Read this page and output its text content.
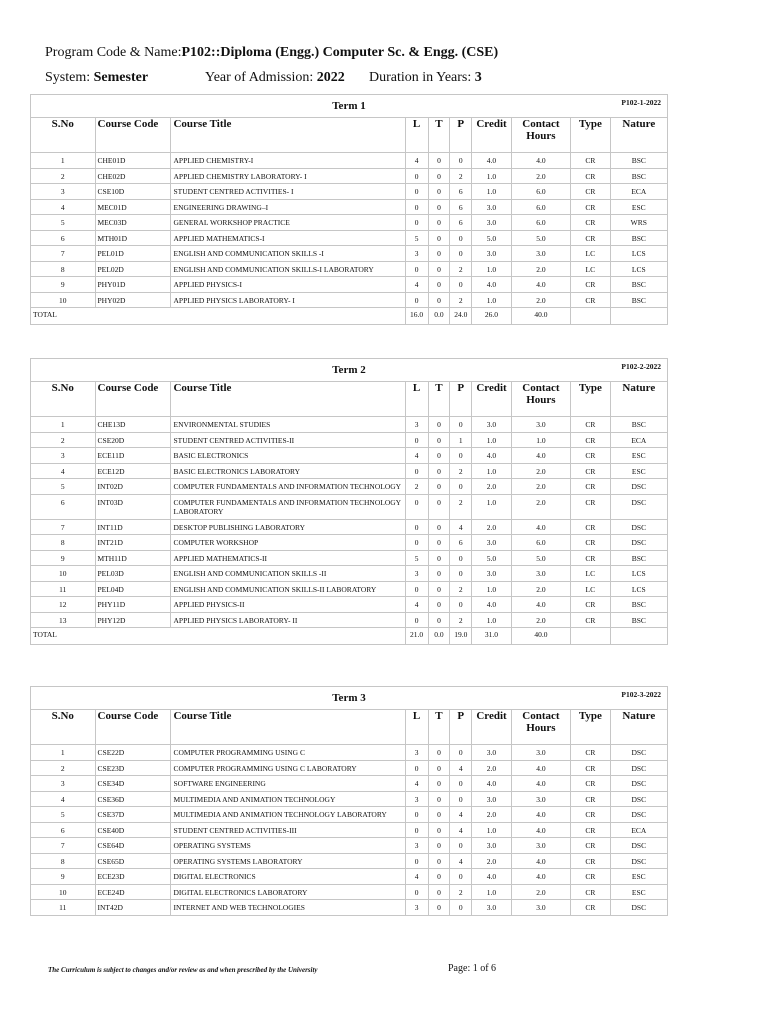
Program Code & Name:P102::Diploma (Engg.) Computer Sc. & Engg. (CSE)
System: Semester	Year of Admission: 2022 Duration in Years: 3
Term 1 P102-1-2022									

S.No	Course Code	Course Title	L	T	P	Credit	Contact Hours	Type	Nature
1	CHE01D	APPLIED CHEMISTRY-I	4	0	0	4.0	4.0	CR	BSC
2	CHE02D	APPLIED CHEMISTRY LABORATORY- I	0	0	2	1.0	2.0	CR	BSC
3	CSE10D	STUDENT CENTRED ACTIVITIES- I	0	0	6	1.0	6.0	CR	ECA
4	MEC01D	ENGINEERING DRAWING–I	0	0	6	3.0	6.0	CR	ESC
5	MEC03D	GENERAL WORKSHOP PRACTICE	0	0	6	3.0	6.0	CR	WRS
6	MTH01D	APPLIED MATHEMATICS-I	5	0	0	5.0	5.0	CR	BSC
7	PEL01D	ENGLISH AND COMMUNICATION SKILLS -I	3	0	0	3.0	3.0	LC	LCS
8	PEL02D	ENGLISH AND COMMUNICATION SKILLS-I LABORATORY	0	0	2	1.0	2.0	LC	LCS
9	PHY01D	APPLIED PHYSICS-I	4	0	0	4.0	4.0	CR	BSC
10	PHY02D	APPLIED PHYSICS LABORATORY- I	0	0	2	1.0	2.0	CR	BSC
TOTAL			16.0	0.0	24.0	26.0	40.0		
Term 2 P102-2-2022									

S.No	Course Code	Course Title	L	T	P	Credit	Contact Hours	Type	Nature
1	CHE13D	ENVIRONMENTAL STUDIES	3	0	0	3.0	3.0	CR	BSC
2	CSE20D	STUDENT CENTRED ACTIVITIES-II	0	0	1	1.0	1.0	CR	ECA
3	ECE11D	BASIC ELECTRONICS	4	0	0	4.0	4.0	CR	ESC
4	ECE12D	BASIC ELECTRONICS LABORATORY	0	0	2	1.0	2.0	CR	ESC
5	INT02D	COMPUTER FUNDAMENTALS AND INFORMATION TECHNOLOGY	2	0	0	2.0	2.0	CR	DSC
6	INT03D	COMPUTER FUNDAMENTALS AND INFORMATION TECHNOLOGY LABORATORY	0	0	2	1.0	2.0	CR	DSC
7	INT11D	DESKTOP PUBLISHING LABORATORY	0	0	4	2.0	4.0	CR	DSC
8	INT21D	COMPUTER WORKSHOP	0	0	6	3.0	6.0	CR	DSC
9	MTH11D	APPLIED MATHEMATICS-II	5	0	0	5.0	5.0	CR	BSC
10	PEL03D	ENGLISH AND COMMUNICATION SKILLS -II	3	0	0	3.0	3.0	LC	LCS
11	PEL04D	ENGLISH AND COMMUNICATION SKILLS-II LABORATORY	0	0	2	1.0	2.0	LC	LCS
12	PHY11D	APPLIED PHYSICS-II	4	0	0	4.0	4.0	CR	BSC
13	PHY12D	APPLIED PHYSICS LABORATORY- II	0	0	2	1.0	2.0	CR	BSC
TOTAL			21.0	0.0	19.0	31.0	40.0		
Term 3 P102-3-2022									

S.No	Course Code	Course Title	L	T	P	Credit	Contact Hours	Type	Nature
1	CSE22D	COMPUTER PROGRAMMING USING C	3	0	0	3.0	3.0	CR	DSC
2	CSE23D	COMPUTER PROGRAMMING USING C LABORATORY	0	0	4	2.0	4.0	CR	DSC
3	CSE34D	SOFTWARE ENGINEERING	4	0	0	4.0	4.0	CR	DSC
4	CSE36D	MULTIMEDIA AND ANIMATION TECHNOLOGY	3	0	0	3.0	3.0	CR	DSC
5	CSE37D	MULTIMEDIA AND ANIMATION TECHNOLOGY LABORATORY	0	0	4	2.0	4.0	CR	DSC
6	CSE40D	STUDENT CENTRED ACTIVITIES-III	0	0	4	1.0	4.0	CR	ECA
7	CSE64D	OPERATING SYSTEMS	3	0	0	3.0	3.0	CR	DSC
8	CSE65D	OPERATING SYSTEMS LABORATORY	0	0	4	2.0	4.0	CR	DSC
9	ECE23D	DIGITAL ELECTRONICS	4	0	0	4.0	4.0	CR	ESC
10	ECE24D	DIGITAL ELECTRONICS LABORATORY	0	0	2	1.0	2.0	CR	ESC
11	INT42D	INTERNET AND WEB TECHNOLOGIES	3	0	0	3.0	3.0	CR	DSC
The Curriculum is subject to changes and/or review as and when prescribed by the University	Page: 1 of 6
